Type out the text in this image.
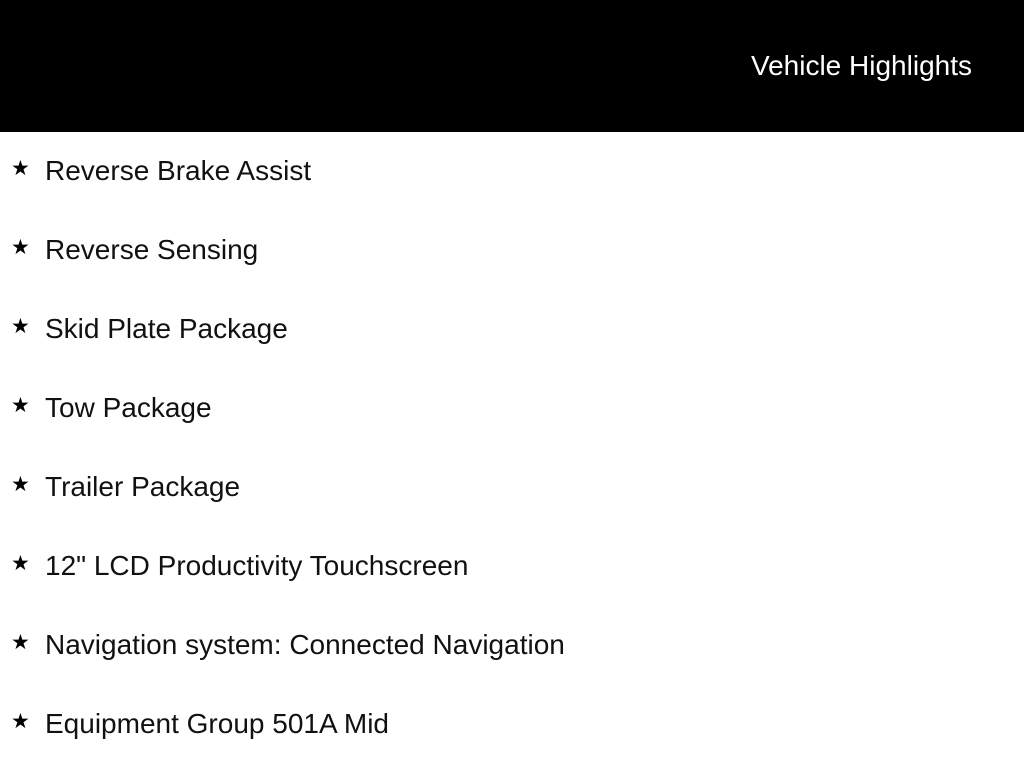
Vehicle Highlights
★ Reverse Brake Assist
★ Reverse Sensing
★ Skid Plate Package
★ Tow Package
★ Trailer Package
★ 12" LCD Productivity Touchscreen
★ Navigation system: Connected Navigation
★ Equipment Group 501A Mid
